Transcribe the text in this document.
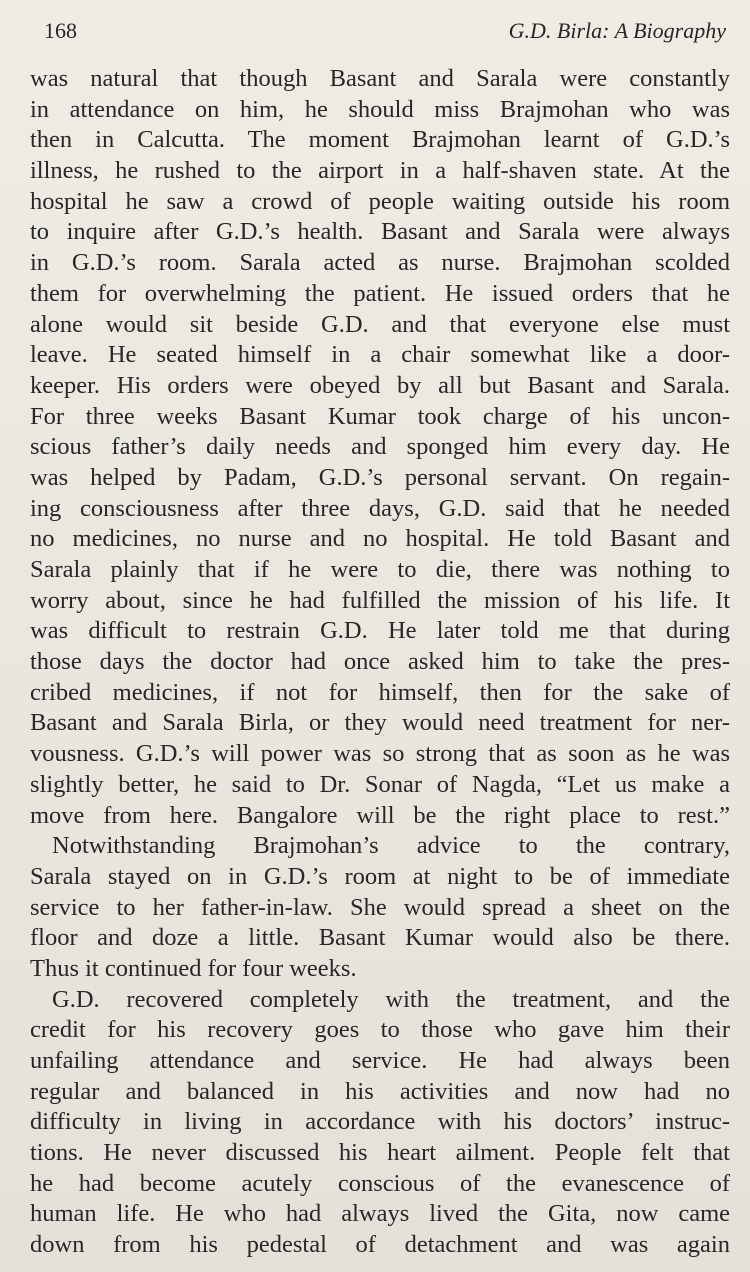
168	G.D. Birla: A Biography
was natural that though Basant and Sarala were constantly
in attendance on him, he should miss Brajmohan who was
then in Calcutta. The moment Brajmohan learnt of G.D.’s
illness, he rushed to the airport in a half-shaven state. At the
hospital he saw a crowd of people waiting outside his room
to inquire after G.D.’s health. Basant and Sarala were always
in G.D.’s room. Sarala acted as nurse. Brajmohan scolded
them for overwhelming the patient. He issued orders that he
alone would sit beside G.D. and that everyone else must
leave. He seated himself in a chair somewhat like a door-
keeper. His orders were obeyed by all but Basant and Sarala.
For three weeks Basant Kumar took charge of his uncon-
scious father’s daily needs and sponged him every day. He
was helped by Padam, G.D.’s personal servant. On regain-
ing consciousness after three days, G.D. said that he needed
no medicines, no nurse and no hospital. He told Basant and
Sarala plainly that if he were to die, there was nothing to
worry about, since he had fulfilled the mission of his life. It
was difficult to restrain G.D. He later told me that during
those days the doctor had once asked him to take the pres-
cribed medicines, if not for himself, then for the sake of
Basant and Sarala Birla, or they would need treatment for ner-
vousness. G.D.’s will power was so strong that as soon as he was
slightly better, he said to Dr. Sonar of Nagda, “Let us make a
move from here. Bangalore will be the right place to rest.”
Notwithstanding Brajmohan’s advice to the contrary,
Sarala stayed on in G.D.’s room at night to be of immediate
service to her father-in-law. She would spread a sheet on the
floor and doze a little. Basant Kumar would also be there.
Thus it continued for four weeks.
G.D. recovered completely with the treatment, and the
credit for his recovery goes to those who gave him their
unfailing attendance and service. He had always been
regular and balanced in his activities and now had no
difficulty in living in accordance with his doctors’ instruc-
tions. He never discussed his heart ailment. People felt that
he had become acutely conscious of the evanescence of
human life. He who had always lived the Gita, now came
down from his pedestal of detachment and was again
